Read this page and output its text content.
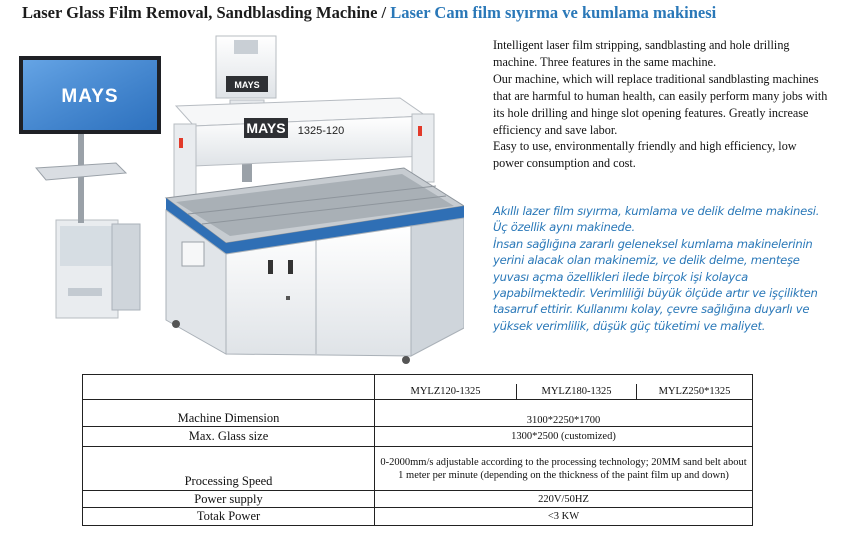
Laser Glass Film Removal, Sandblasding Machine / Laser Cam film sıyırma ve kumlama makinesi
MAYS
MAYS
MAYS 1325-120

Intelligent laser film stripping, sandblasting and hole drilling machine. Three features in the same machine.

Our machine, which will replace traditional sandblasting machines that are harmful to human health, can easily perform many jobs with its hole drilling and hinge slot opening features. Greatly increase efficiency and save labor.

Easy to use, environmentally friendly and high efficiency, low power consumption and cost.

Akıllı lazer film sıyırma, kumlama ve delik delme makinesi. Üç özellik aynı makinede.

İnsan sağlığına zararlı geleneksel kumlama makinelerinin yerini alacak olan makinemiz, ve delik delme, menteşe yuvası açma özellikleri ilede birçok işi kolayca yapabilmektedir. Verimliliği büyük ölçüde artır ve işçilikten tasarruf ettirir. Kullanımı kolay, çevre sağlığına duyarlı ve yüksek verimlilik, düşük güç tüketimi ve maliyet.

	MYLZ120-1325	MYLZ180-1325	MYLZ250*1325
Machine Dimension	3100*2250*1700		
Max. Glass size	1300*2500 (customized)		
Processing Speed	0-2000mm/s adjustable according to the processing technology; 20MM sand belt about 1 meter per minute (depending on the thickness of the paint film up and down)		
Power supply	220V/50HZ		
Totak Power	<3 KW		
